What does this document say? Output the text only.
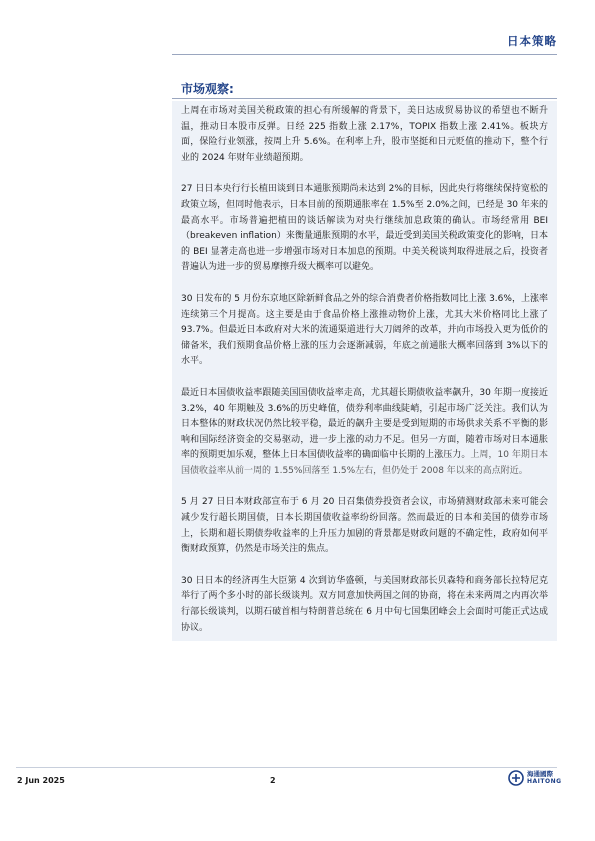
日本策略
市场观察:

上周在市场对美国关税政策的担心有所缓解的背景下，美日达成贸易协议的希望也不断升温，推动日本股市反弹。日经 225 指数上涨 2.17%，TOPIX 指数上涨 2.41%。板块方面，保险行业领涨，按周上升 5.6%。在利率上升，股市坚挺和日元贬值的推动下，整个行业的 2024 年财年业绩超预期。

27 日日本央行行长植田谈到日本通胀预期尚未达到 2%的目标，因此央行将继续保持宽松的政策立场，但同时他表示，日本目前的预期通胀率在 1.5%至 2.0%之间，已经是 30 年来的最高水平。市场普遍把植田的谈话解读为对央行继续加息政策的确认。市场经常用 BEI（breakeven inflation）来衡量通胀预期的水平，最近受到美国关税政策变化的影响，日本的 BEI 显著走高也进一步增强市场对日本加息的预期。中美关税谈判取得进展之后，投资者普遍认为进一步的贸易摩擦升级大概率可以避免。

30 日发布的 5 月份东京地区除新鲜食品之外的综合消费者价格指数同比上涨 3.6%，上涨率连续第三个月提高。这主要是由于食品价格上涨推动物价上涨，尤其大米价格同比上涨了 93.7%。但最近日本政府对大米的流通渠道进行大刀阔斧的改革，并向市场投入更为低价的储备米，我们预期食品价格上涨的压力会逐渐减弱，年底之前通胀大概率回落到 3%以下的水平。

最近日本国债收益率跟随美国国债收益率走高，尤其超长期债收益率飙升，30 年期一度接近 3.2%，40 年期触及 3.6%的历史峰值，债券利率曲线陡峭，引起市场广泛关注。我们认为日本整体的财政状况仍然比较平稳，最近的飙升主要是受到短期的市场供求关系不平衡的影响和国际经济资金的交易驱动，进一步上涨的动力不足。但另一方面，随着市场对日本通胀率的预期更加乐观，整体上日本国债收益率的确面临中长期的上涨压力。上周，10 年期日本国债收益率从前一周的 1.55%回落至 1.5%左右，但仍处于 2008 年以来的高点附近。

5 月 27 日日本财政部宣布于 6 月 20 日召集债券投资者会议，市场猜测财政部未来可能会减少发行超长期国债，日本长期国债收益率纷纷回落。然而最近的日本和美国的债券市场上，长期和超长期债券收益率的上升压力加剧的背景都是财政问题的不确定性，政府如何平衡财政预算，仍然是市场关注的焦点。

30 日日本的经济再生大臣第 4 次到访华盛顿，与美国财政部长贝森特和商务部长拉特尼克举行了两个多小时的部长级谈判。双方同意加快两国之间的协商，将在未来两周之内再次举行部长级谈判，以期石破首相与特朗普总统在 6 月中旬七国集团峰会上会面时可能正式达成协议。

2 Jun 2025	2
海通國際
HAITONG
